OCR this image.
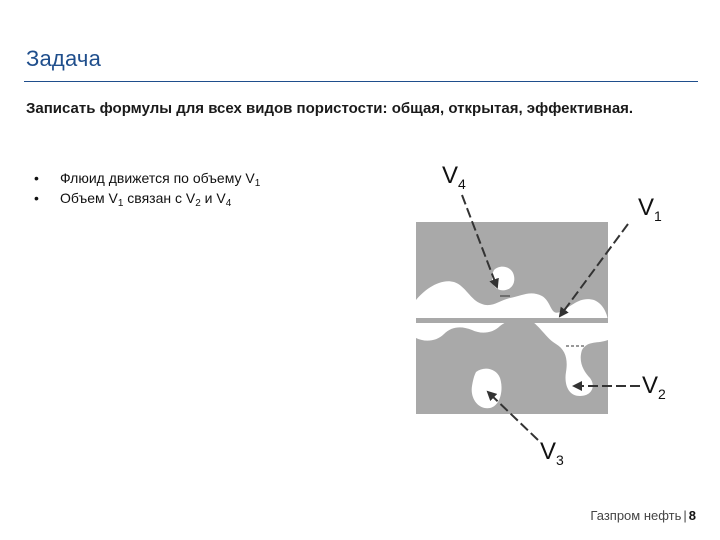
Задача
Записать формулы для всех видов пористости: общая, открытая, эффективная.
• Флюид движется по объему $V_1$
• Объем $V_1$ связан с $V_2$ и $V_4$
$V_4$
$V_1$
$V_2$
$V_3$
Газпром нефть | 8
